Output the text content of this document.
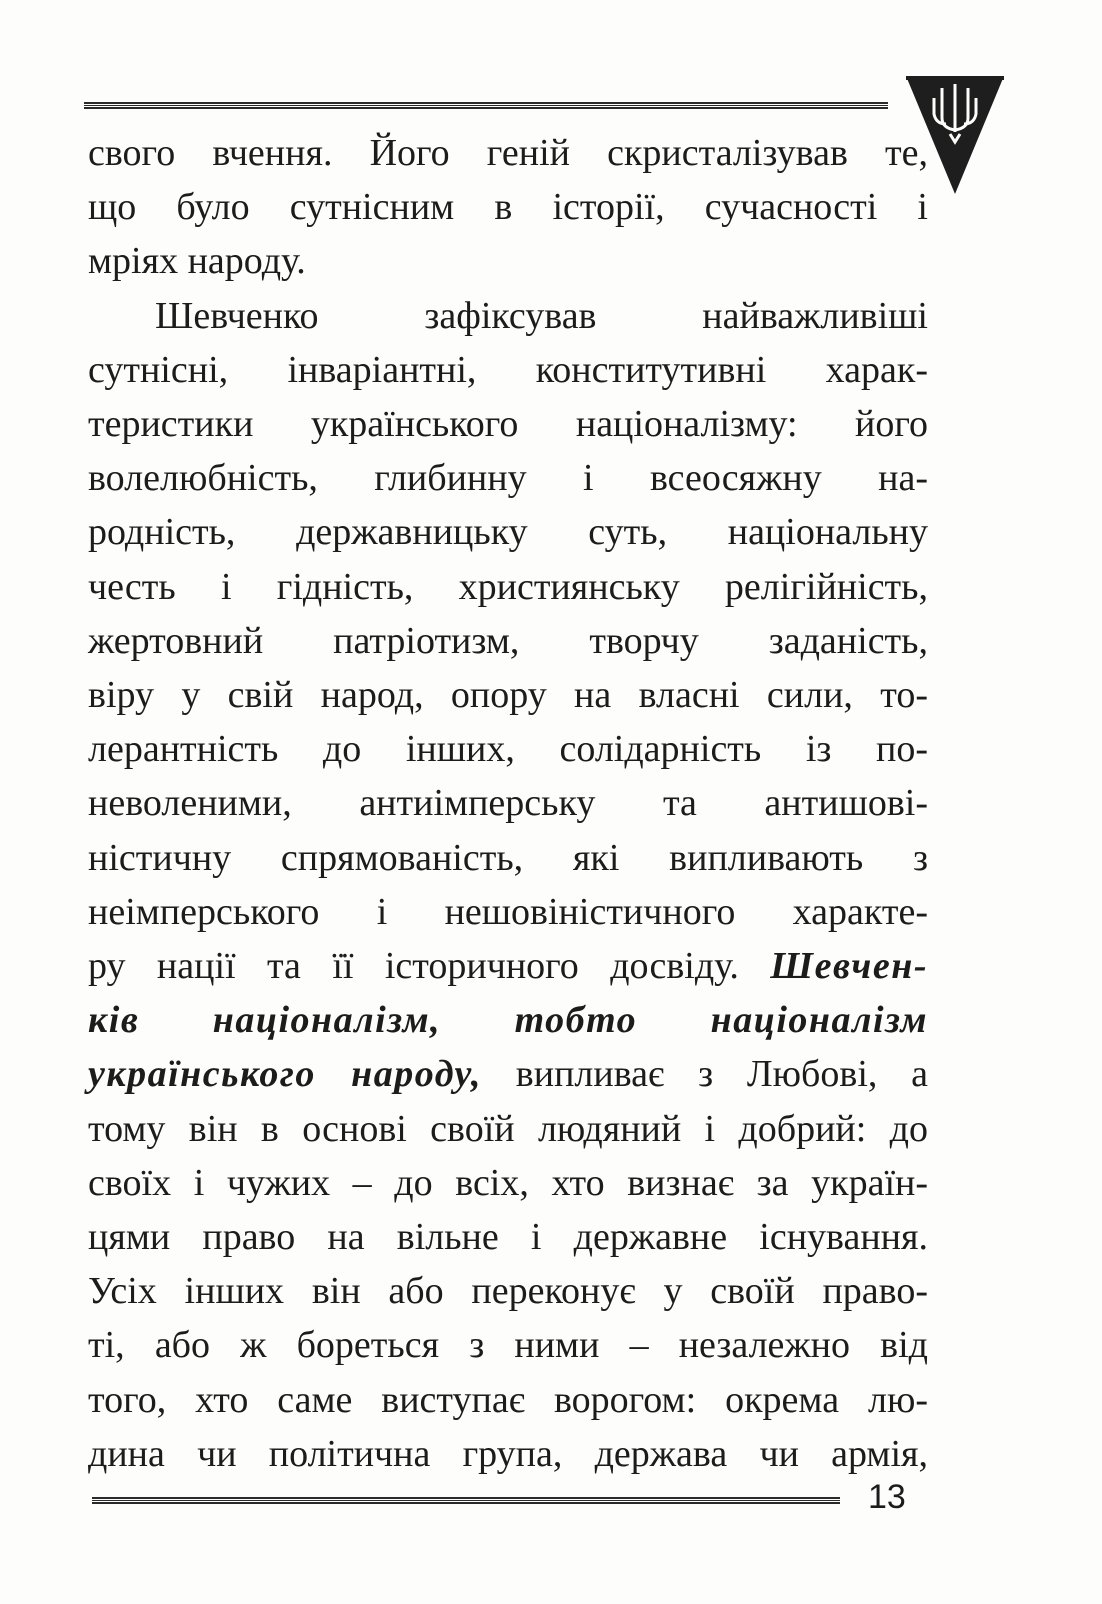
свого вчення. Його геній скристалізував те,
що було сутнісним в історії, сучасності і
мріях народу.
Шевченко зафіксував найважливіші
сутнісні, інваріантні, конститутивні харак-
теристики українського націоналізму: його
волелюбність, глибинну і всеосяжну на-
родність, державницьку суть, національну
честь і гідність, християнську релігійність,
жертовний патріотизм, творчу заданість,
віру у свій народ, опору на власні сили, то-
лерантність до інших, солідарність із по-
неволеними, антиімперську та антишові-
ністичну спрямованість, які випливають з
неімперського і нешовіністичного характе-
ру нації та її історичного досвіду. Шевчен-
ків націоналізм, тобто націоналізм
українського народу, випливає з Любові, а
тому він в основі своїй людяний і добрий: до
своїх і чужих – до всіх, хто визнає за україн-
цями право на вільне і державне існування.
Усіх інших він або переконує у своїй право-
ті, або ж бореться з ними – незалежно від
того, хто саме виступає ворогом: окрема лю-
дина чи політична група, держава чи армія,
13
